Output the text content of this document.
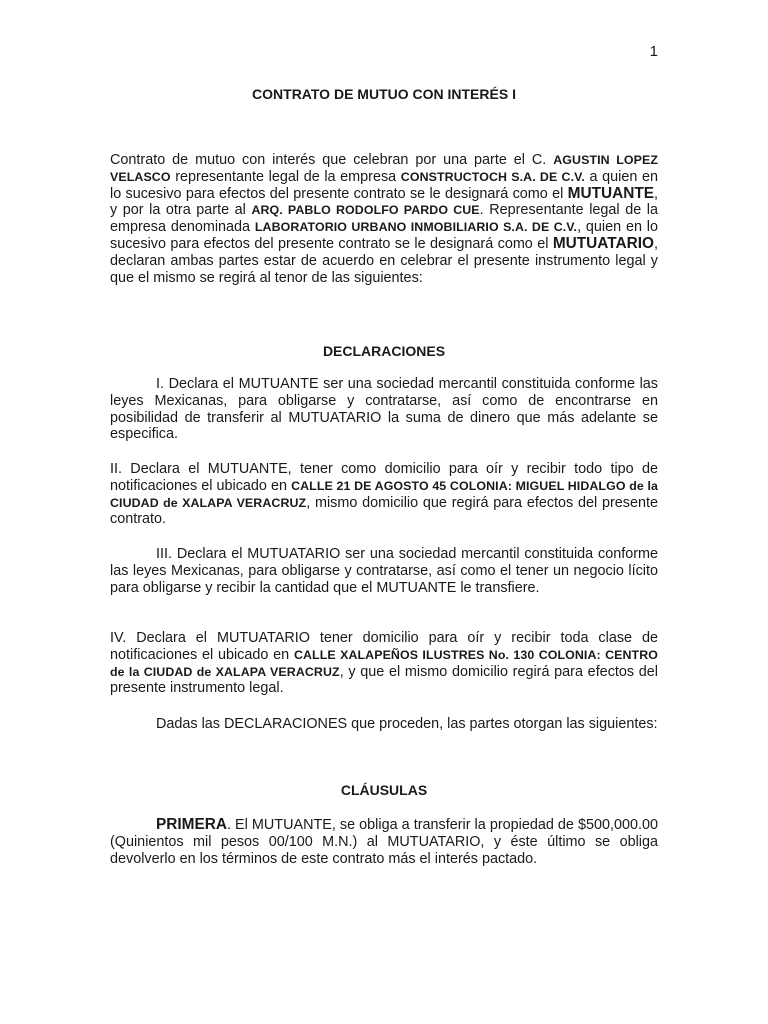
1
CONTRATO DE MUTUO CON INTERÉS I

Contrato de mutuo con interés que celebran por una parte el C. AGUSTIN LOPEZ VELASCO representante legal de la empresa CONSTRUCTOCH S.A. DE C.V. a quien en lo sucesivo para efectos del presente contrato se le designará como el MUTUANTE, y por la otra parte al ARQ. PABLO RODOLFO PARDO CUE. Representante legal de la empresa denominada LABORATORIO URBANO INMOBILIARIO S.A. DE C.V., quien en lo sucesivo para efectos del presente contrato se le designará como el MUTUATARIO, declaran ambas partes estar de acuerdo en celebrar el presente instrumento legal y que el mismo se regirá al tenor de las siguientes:

DECLARACIONES

I. Declara el MUTUANTE ser una sociedad mercantil constituida conforme las leyes Mexicanas, para obligarse y contratarse, así como de encontrarse en posibilidad de transferir al MUTUATARIO la suma de dinero que más adelante se especifica.

II. Declara el MUTUANTE, tener como domicilio para oír y recibir todo tipo de notificaciones el ubicado en CALLE 21 DE AGOSTO 45 COLONIA: MIGUEL HIDALGO de la CIUDAD de XALAPA VERACRUZ, mismo domicilio que regirá para efectos del presente contrato.

III. Declara el MUTUATARIO ser una sociedad mercantil constituida conforme las leyes Mexicanas, para obligarse y contratarse, así como el tener un negocio lícito para obligarse y recibir la cantidad que el MUTUANTE le transfiere.

IV. Declara el MUTUATARIO tener domicilio para oír y recibir toda clase de notificaciones el ubicado en CALLE XALAPEÑOS ILUSTRES No. 130 COLONIA: CENTRO de la CIUDAD de XALAPA VERACRUZ, y que el mismo domicilio regirá para efectos del presente instrumento legal.

Dadas las DECLARACIONES que proceden, las partes otorgan las siguientes:

CLÁUSULAS

PRIMERA. El MUTUANTE, se obliga a transferir la propiedad de $500,000.00 (Quinientos mil pesos 00/100 M.N.) al MUTUATARIO, y éste último se obliga devolverlo en los términos de este contrato más el interés pactado.
